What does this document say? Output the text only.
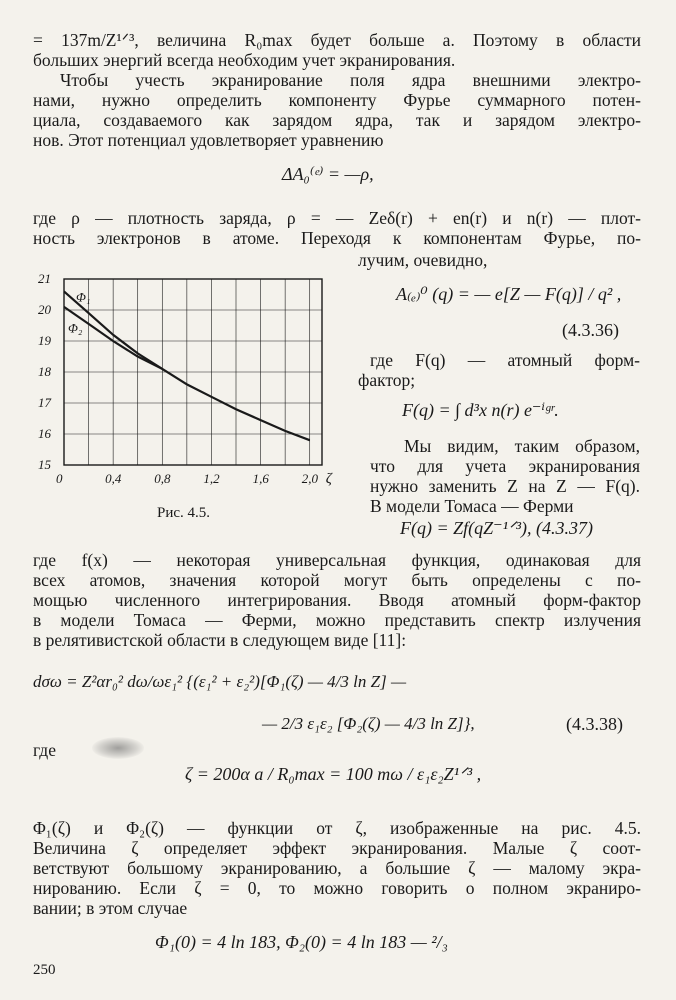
= 137m/Z¹ᐟ³, величина R₀max будет больше a. Поэтому в области
больших энергий всегда необходим учет экранирования.
Чтобы учесть экранирование поля ядра внешними электро-
нами, нужно определить компоненту Фурье суммарного потен-
циала, создаваемого как зарядом ядра, так и зарядом электро-
нов. Этот потенциал удовлетворяет уравнению
ΔA₀⁽ᵉ⁾ = —ρ,
где ρ — плотность заряда, ρ = — Zeδ(r) + en(r) и n(r) — плот-
ность электронов в атоме. Переходя к компонентам Фурье, по-
лучим, очевидно,
A₍ₑ₎⁰ (q) = — e[Z — F(q)] / q² ,
(4.3.36)
где F(q) — атомный форм-
фактор;
F(q) = ∫ d³x n(r) e⁻ⁱᵍʳ.
Мы видим, таким образом,
что для учета экранирования
нужно заменить Z на Z — F(q).
В модели Томаса — Ферми
F(q) = Zf(qZ⁻¹ᐟ³), (4.3.37)
21
20
19
18
17
16
15
0	0,4	0,8	1,2	1,6	2,0 ζ
Φ₁
Φ₂
Рис. 4.5.
где f(x) — некоторая универсальная функция, одинаковая для
всех атомов, значения которой могут быть определены с по-
мощью численного интегрирования. Вводя атомный форм-фактор
в модели Томаса — Ферми, можно представить спектр излучения
в релятивистской области в следующем виде [11]:
dσω = Z²αr₀² dω/ωε₁² {(ε₁² + ε₂²)[Φ₁(ζ) — 4/3 ln Z] —
— 2/3 ε₁ε₂ [Φ₂(ζ) — 4/3 ln Z]},	(4.3.38)
где
ζ = 200α a / R₀max = 100 mω / ε₁ε₂Z¹ᐟ³ ,
Φ₁(ζ) и Φ₂(ζ) — функции от ζ, изображенные на рис. 4.5.
Величина ζ определяет эффект экранирования. Малые ζ соот-
ветствуют большому экранированию, а большие ζ — малому экра-
нированию. Если ζ = 0, то можно говорить о полном экраниро-
вании; в этом случае
Φ₁(0) = 4 ln 183, Φ₂(0) = 4 ln 183 — ²/₃
250
